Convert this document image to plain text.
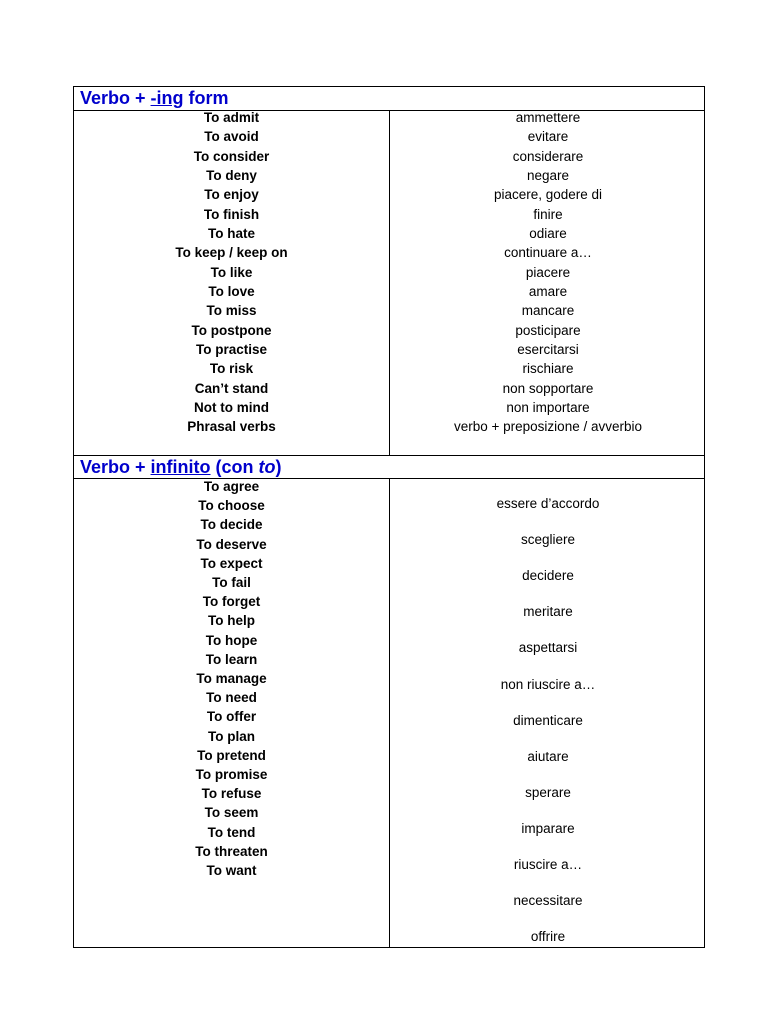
Verbo + -ing form
To admit
To avoid
To consider
To deny
To enjoy
To finish
To hate
To keep / keep on
To like
To love
To miss
To postpone
To practise
To risk
Can’t stand
Not to mind
Phrasal verbs
ammettere
evitare
considerare
negare
piacere, godere di
finire
odiare
continuare a…
piacere
amare
mancare
posticipare
esercitarsi
rischiare
non sopportare
non importare
verbo + preposizione / avverbio
Verbo + infinito (con to)
To agree
To choose
To decide
To deserve
To expect
To fail
To forget
To help
To hope
To learn
To manage
To need
To offer
To plan
To pretend
To promise
To refuse
To seem
To tend
To threaten
To want
essere d’accordo
scegliere
decidere
meritare
aspettarsi
non riuscire a…
dimenticare
aiutare
sperare
imparare
riuscire a…
necessitare
offrire
